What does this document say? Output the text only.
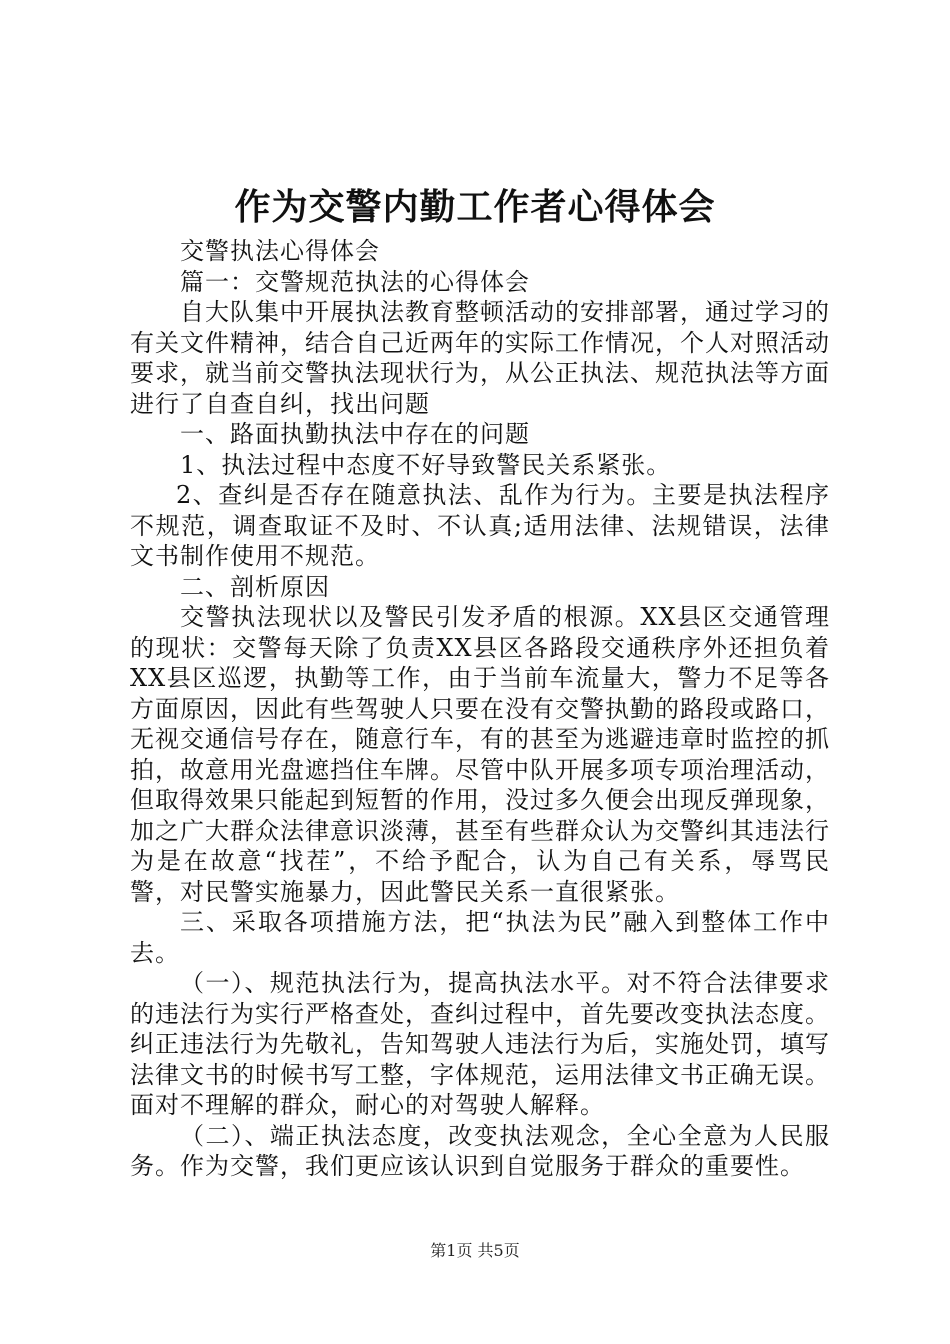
作为交警内勤工作者心得体会

交警执法心得体会

篇一：交警规范执法的心得体会

自大队集中开展执法教育整顿活动的安排部署，通过学习的有关文件精神，结合自己近两年的实际工作情况，个人对照活动要求，就当前交警执法现状行为，从公正执法、规范执法等方面进行了自查自纠，找出问题

一、路面执勤执法中存在的问题

1、执法过程中态度不好导致警民关系紧张。

2、查纠是否存在随意执法、乱作为行为。主要是执法程序不规范，调查取证不及时、不认真;适用法律、法规错误，法律文书制作使用不规范。

二、剖析原因

交警执法现状以及警民引发矛盾的根源。XX县区交通管理的现状：交警每天除了负责XX县区各路段交通秩序外还担负着XX县区巡逻，执勤等工作，由于当前车流量大，警力不足等各方面原因，因此有些驾驶人只要在没有交警执勤的路段或路口，无视交通信号存在，随意行车，有的甚至为逃避违章时监控的抓拍，故意用光盘遮挡住车牌。尽管中队开展多项专项治理活动，但取得效果只能起到短暂的作用，没过多久便会出现反弹现象，加之广大群众法律意识淡薄，甚至有些群众认为交警纠其违法行为是在故意“找茬”，不给予配合，认为自己有关系，辱骂民警，对民警实施暴力，因此警民关系一直很紧张。

三、采取各项措施方法，把“执法为民”融入到整体工作中去。

（一）、规范执法行为，提高执法水平。对不符合法律要求的违法行为实行严格查处，查纠过程中，首先要改变执法态度。纠正违法行为先敬礼，告知驾驶人违法行为后，实施处罚，填写法律文书的时候书写工整，字体规范，运用法律文书正确无误。面对不理解的群众，耐心的对驾驶人解释。

（二）、端正执法态度，改变执法观念，全心全意为人民服务。作为交警，我们更应该认识到自觉服务于群众的重要性。

第1页 共5页
